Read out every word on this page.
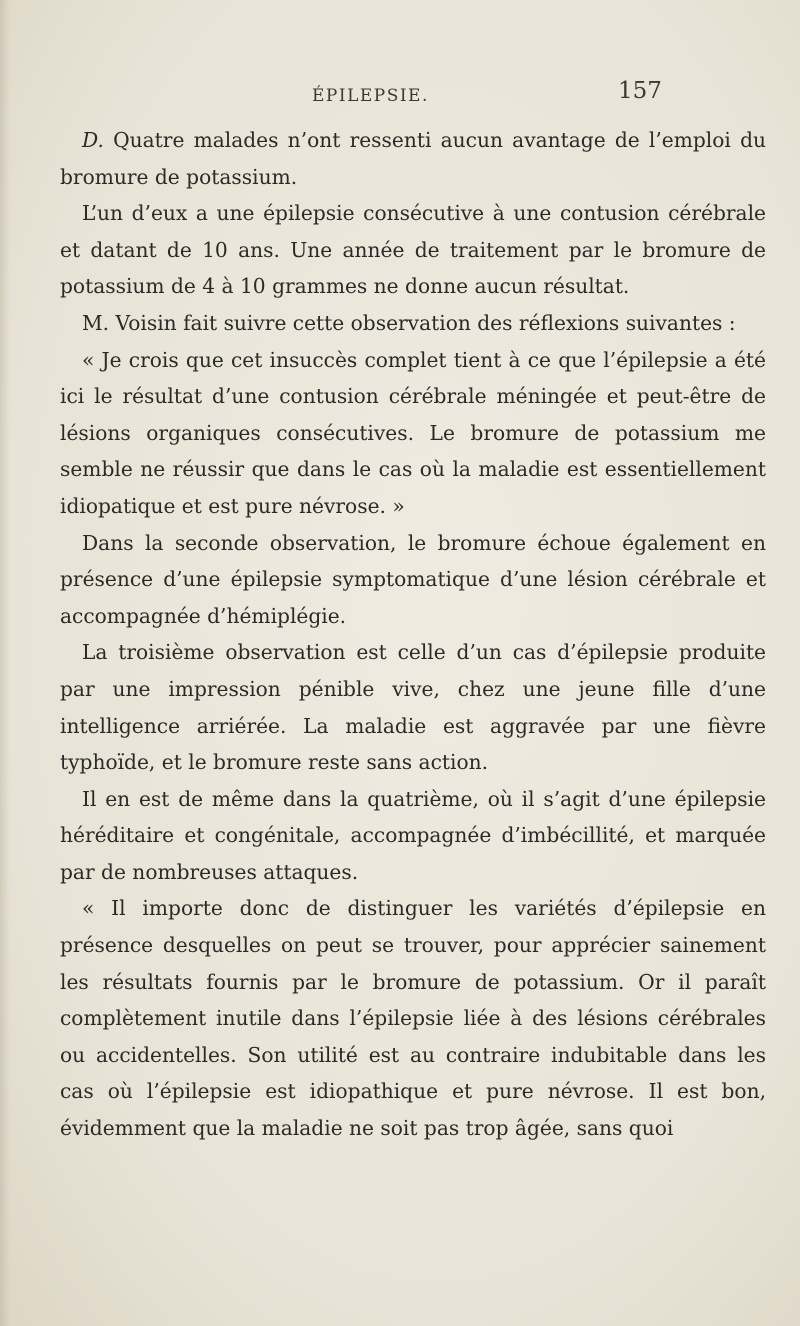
ÉPILEPSIE.	157

D. Quatre malades n’ont ressenti aucun avantage de l’emploi du bromure de potassium.

L’un d’eux a une épilepsie consécutive à une contusion cérébrale et datant de 10 ans. Une année de traitement par le bromure de potassium de 4 à 10 grammes ne donne aucun résultat.

M. Voisin fait suivre cette observation des réflexions suivantes :

« Je crois que cet insuccès complet tient à ce que l’épilepsie a été ici le résultat d’une contusion cérébrale méningée et peut-être de lésions organiques consécutives. Le bromure de potassium me semble ne réussir que dans le cas où la maladie est essentiellement idiopatique et est pure névrose. »

Dans la seconde observation, le bromure échoue également en présence d’une épilepsie symptomatique d’une lésion cérébrale et accompagnée d’hémiplégie.

La troisième observation est celle d’un cas d’épilepsie produite par une impression pénible vive, chez une jeune fille d’une intelligence arriérée. La maladie est aggravée par une fièvre typhoïde, et le bromure reste sans action.

Il en est de même dans la quatrième, où il s’agit d’une épilepsie héréditaire et congénitale, accompagnée d’imbécillité, et marquée par de nombreuses attaques.

« Il importe donc de distinguer les variétés d’épilepsie en présence desquelles on peut se trouver, pour apprécier sainement les résultats fournis par le bromure de potassium. Or il paraît complètement inutile dans l’épilepsie liée à des lésions cérébrales ou accidentelles. Son utilité est au contraire indubitable dans les cas où l’épilepsie est idiopathique et pure névrose. Il est bon, évidemment que la maladie ne soit pas trop âgée, sans quoi
